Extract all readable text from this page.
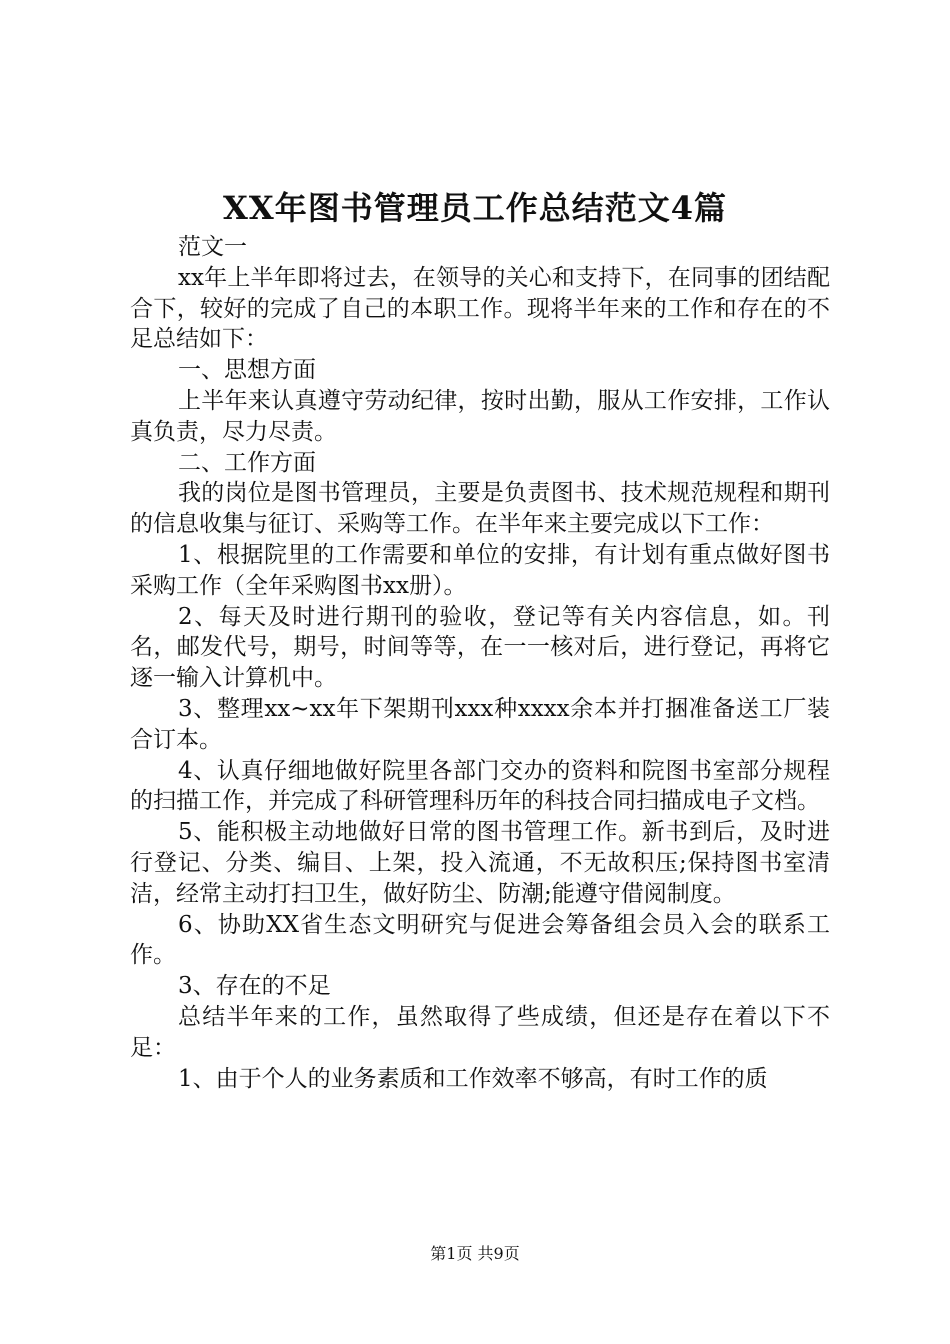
XX年图书管理员工作总结范文4篇

范文一

xx年上半年即将过去，在领导的关心和支持下，在同事的团结配合下，较好的完成了自己的本职工作。现将半年来的工作和存在的不足总结如下：

一、思想方面

上半年来认真遵守劳动纪律，按时出勤，服从工作安排，工作认真负责，尽力尽责。

二、工作方面

我的岗位是图书管理员，主要是负责图书、技术规范规程和期刊的信息收集与征订、采购等工作。在半年来主要完成以下工作：

1、根据院里的工作需要和单位的安排，有计划有重点做好图书采购工作（全年采购图书xx册）。

2、每天及时进行期刊的验收，登记等有关内容信息，如。刊名，邮发代号，期号，时间等等，在一一核对后，进行登记，再将它逐一输入计算机中。

3、整理xx~xx年下架期刊xxx种xxxx余本并打捆准备送工厂装合订本。

4、认真仔细地做好院里各部门交办的资料和院图书室部分规程的扫描工作，并完成了科研管理科历年的科技合同扫描成电子文档。

5、能积极主动地做好日常的图书管理工作。新书到后，及时进行登记、分类、编目、上架，投入流通，不无故积压;保持图书室清洁，经常主动打扫卫生，做好防尘、防潮;能遵守借阅制度。

6、协助XX省生态文明研究与促进会筹备组会员入会的联系工作。

3、存在的不足

总结半年来的工作，虽然取得了些成绩，但还是存在着以下不足：

1、由于个人的业务素质和工作效率不够高，有时工作的质

第1页 共9页
